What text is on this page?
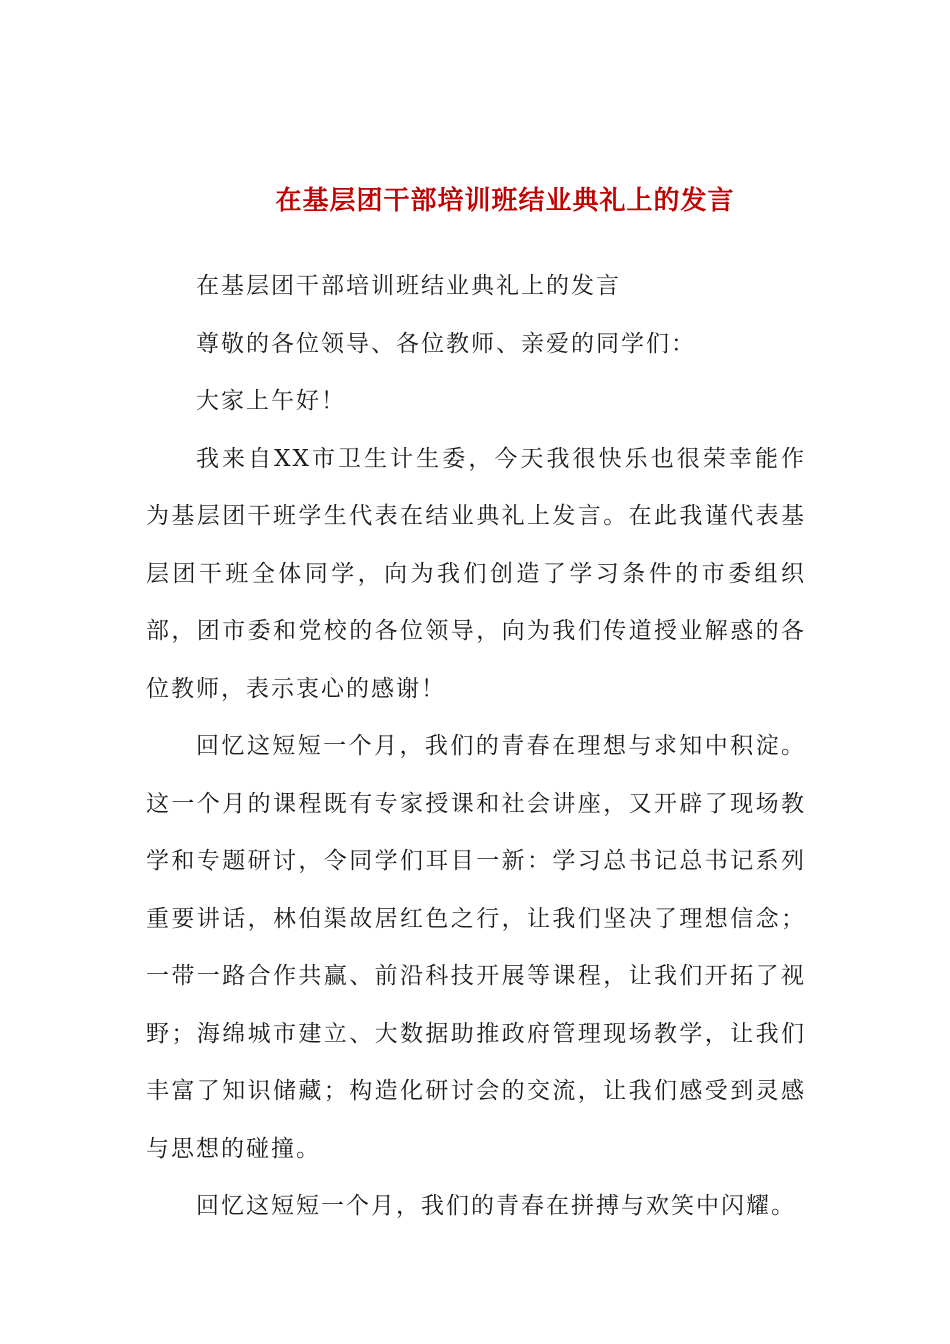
在基层团干部培训班结业典礼上的发言

在基层团干部培训班结业典礼上的发言

尊敬的各位领导、各位教师、亲爱的同学们：

大家上午好！

我来自XX市卫生计生委，今天我很快乐也很荣幸能作为基层团干班学生代表在结业典礼上发言。在此我谨代表基层团干班全体同学，向为我们创造了学习条件的市委组织部，团市委和党校的各位领导，向为我们传道授业解惑的各位教师，表示衷心的感谢！

回忆这短短一个月，我们的青春在理想与求知中积淀。这一个月的课程既有专家授课和社会讲座，又开辟了现场教学和专题研讨，令同学们耳目一新：学习总书记总书记系列重要讲话，林伯渠故居红色之行，让我们坚决了理想信念；一带一路合作共赢、前沿科技开展等课程，让我们开拓了视野；海绵城市建立、大数据助推政府管理现场教学，让我们丰富了知识储藏；构造化研讨会的交流，让我们感受到灵感与思想的碰撞。

回忆这短短一个月，我们的青春在拼搏与欢笑中闪耀。
